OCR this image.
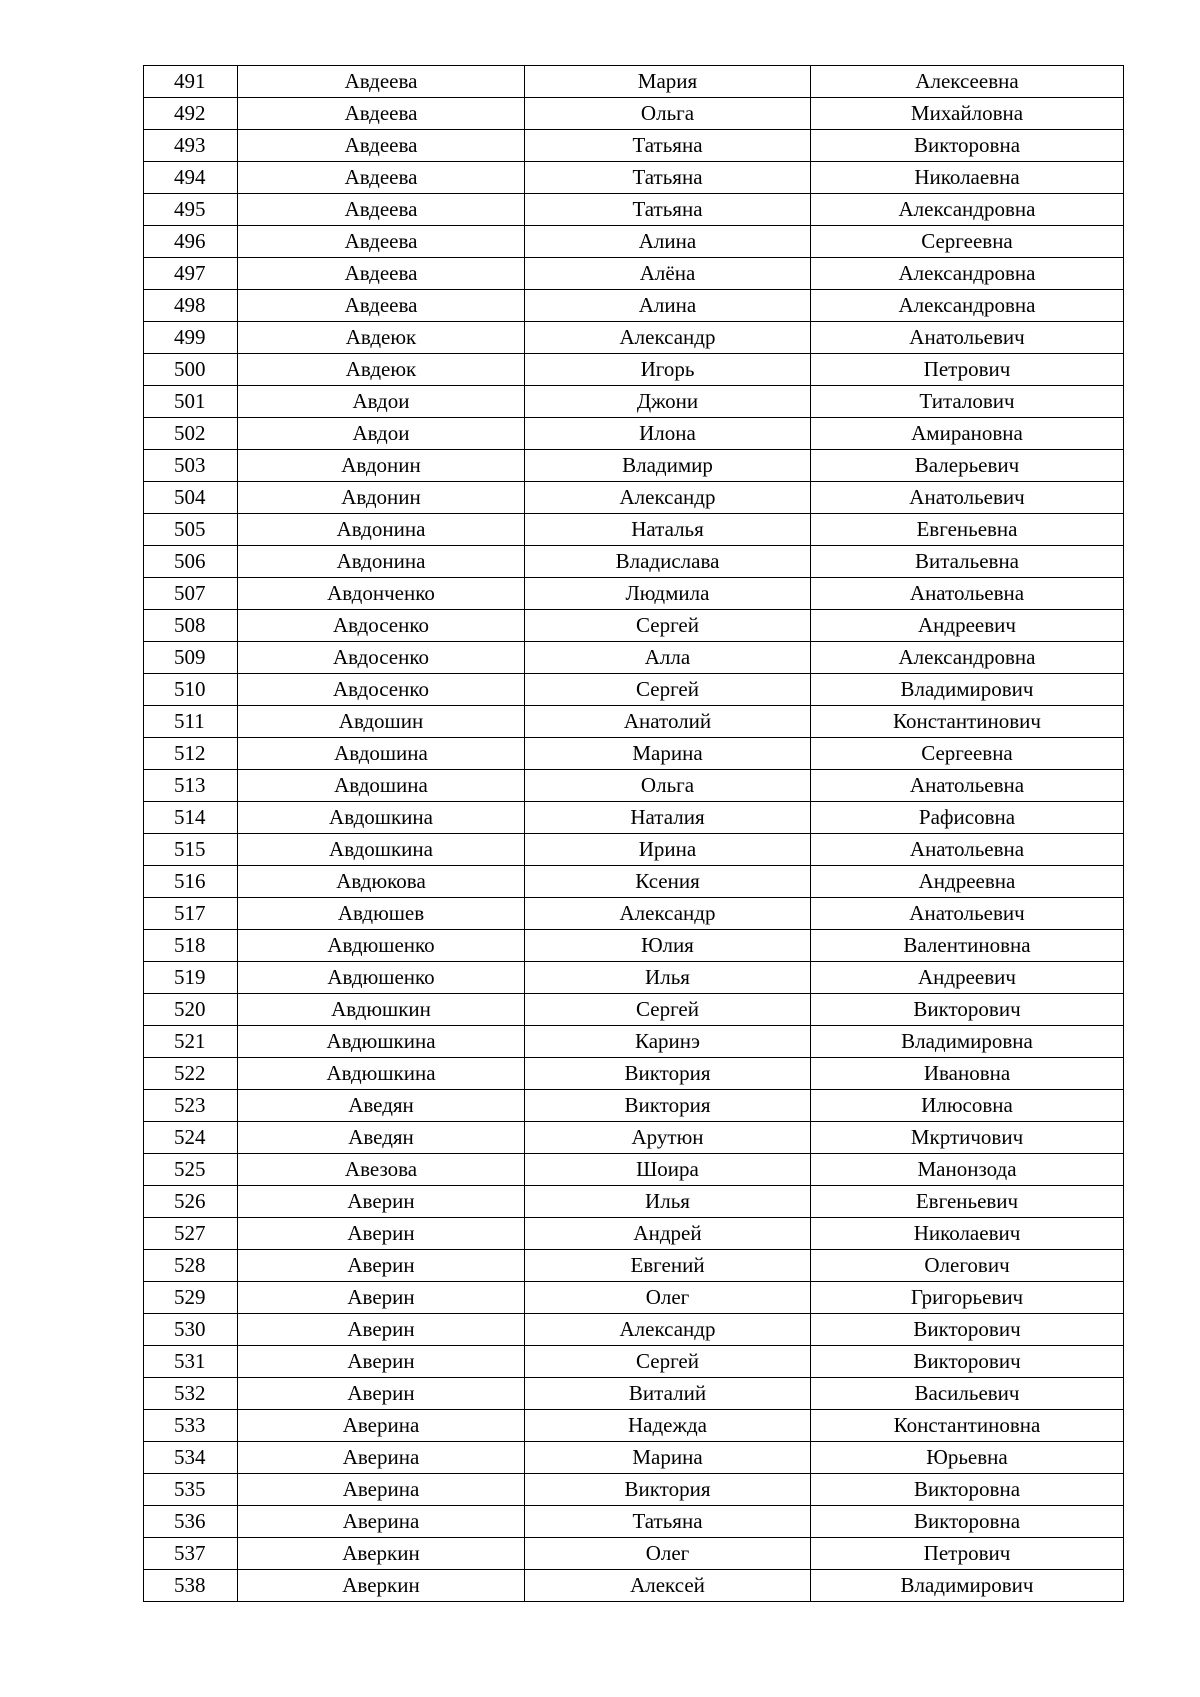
491	Авдеева	Мария	Алексеевна
492	Авдеева	Ольга	Михайловна
493	Авдеева	Татьяна	Викторовна
494	Авдеева	Татьяна	Николаевна
495	Авдеева	Татьяна	Александровна
496	Авдеева	Алина	Сергеевна
497	Авдеева	Алёна	Александровна
498	Авдеева	Алина	Александровна
499	Авдеюк	Александр	Анатольевич
500	Авдеюк	Игорь	Петрович
501	Авдои	Джони	Титалович
502	Авдои	Илона	Амирановна
503	Авдонин	Владимир	Валерьевич
504	Авдонин	Александр	Анатольевич
505	Авдонина	Наталья	Евгеньевна
506	Авдонина	Владислава	Витальевна
507	Авдонченко	Людмила	Анатольевна
508	Авдосенко	Сергей	Андреевич
509	Авдосенко	Алла	Александровна
510	Авдосенко	Сергей	Владимирович
511	Авдошин	Анатолий	Константинович
512	Авдошина	Марина	Сергеевна
513	Авдошина	Ольга	Анатольевна
514	Авдошкина	Наталия	Рафисовна
515	Авдошкина	Ирина	Анатольевна
516	Авдюкова	Ксения	Андреевна
517	Авдюшев	Александр	Анатольевич
518	Авдюшенко	Юлия	Валентиновна
519	Авдюшенко	Илья	Андреевич
520	Авдюшкин	Сергей	Викторович
521	Авдюшкина	Каринэ	Владимировна
522	Авдюшкина	Виктория	Ивановна
523	Аведян	Виктория	Илюсовна
524	Аведян	Арутюн	Мкртичович
525	Авезова	Шоира	Манонзода
526	Аверин	Илья	Евгеньевич
527	Аверин	Андрей	Николаевич
528	Аверин	Евгений	Олегович
529	Аверин	Олег	Григорьевич
530	Аверин	Александр	Викторович
531	Аверин	Сергей	Викторович
532	Аверин	Виталий	Васильевич
533	Аверина	Надежда	Константиновна
534	Аверина	Марина	Юрьевна
535	Аверина	Виктория	Викторовна
536	Аверина	Татьяна	Викторовна
537	Аверкин	Олег	Петрович
538	Аверкин	Алексей	Владимирович
